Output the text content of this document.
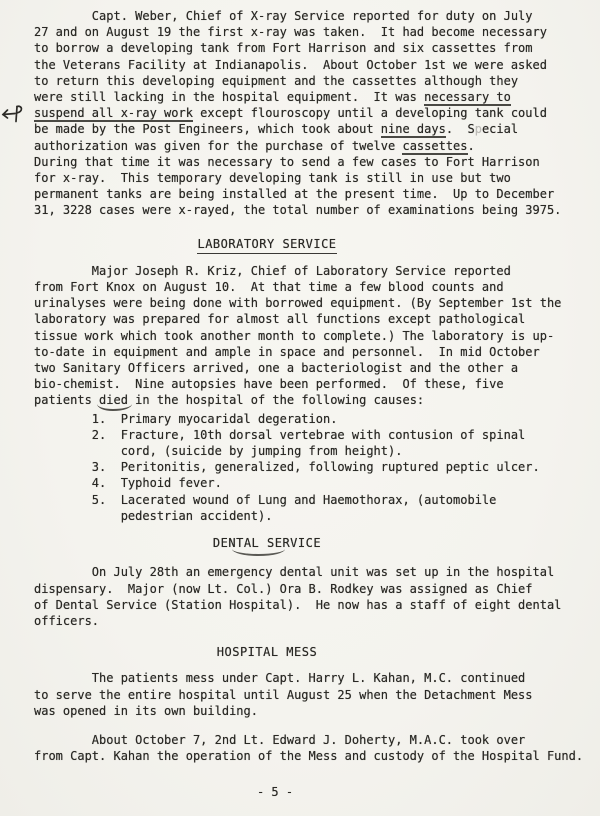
Capt. Weber, Chief of X-ray Service reported for duty on July
27 and on August 19 the first x-ray was taken.  It had become necessary
to borrow a developing tank from Fort Harrison and six cassettes from
the Veterans Facility at Indianapolis.  About October 1st we were asked
to return this developing equipment and the cassettes although they
were still lacking in the hospital equipment.  It was necessary to
suspend all x-ray work except flouroscopy until a developing tank could
be made by the Post Engineers, which took about nine days.  Special
authorization was given for the purchase of twelve cassettes.
During that time it was necessary to send a few cases to Fort Harrison
for x-ray.  This temporary developing tank is still in use but two
permanent tanks are being installed at the present time.  Up to December
31, 3228 cases were x-rayed, the total number of examinations being 3975.
LABORATORY SERVICE
Major Joseph R. Kriz, Chief of Laboratory Service reported
from Fort Knox on August 10.  At that time a few blood counts and
urinalyses were being done with borrowed equipment. (By September 1st the
laboratory was prepared for almost all functions except pathological
tissue work which took another month to complete.) The laboratory is up-
to-date in equipment and ample in space and personnel.  In mid October
two Sanitary Officers arrived, one a bacteriologist and the other a
bio-chemist.  Nine autopsies have been performed.  Of these, five
patients died in the hospital of the following causes:
1.  Primary myocaridal degeration.
2.  Fracture, 10th dorsal vertebrae with contusion of spinal
cord, (suicide by jumping from height).
3.  Peritonitis, generalized, following ruptured peptic ulcer.
4.  Typhoid fever.
5.  Lacerated wound of Lung and Haemothorax, (automobile
pedestrian accident).
DENTAL SERVICE
On July 28th an emergency dental unit was set up in the hospital
dispensary.  Major (now Lt. Col.) Ora B. Rodkey was assigned as Chief
of Dental Service (Station Hospital).  He now has a staff of eight dental
officers.
HOSPITAL MESS
The patients mess under Capt. Harry L. Kahan, M.C. continued
to serve the entire hospital until August 25 when the Detachment Mess
was opened in its own building.
About October 7, 2nd Lt. Edward J. Doherty, M.A.C. took over
from Capt. Kahan the operation of the Mess and custody of the Hospital Fund.
- 5 -
